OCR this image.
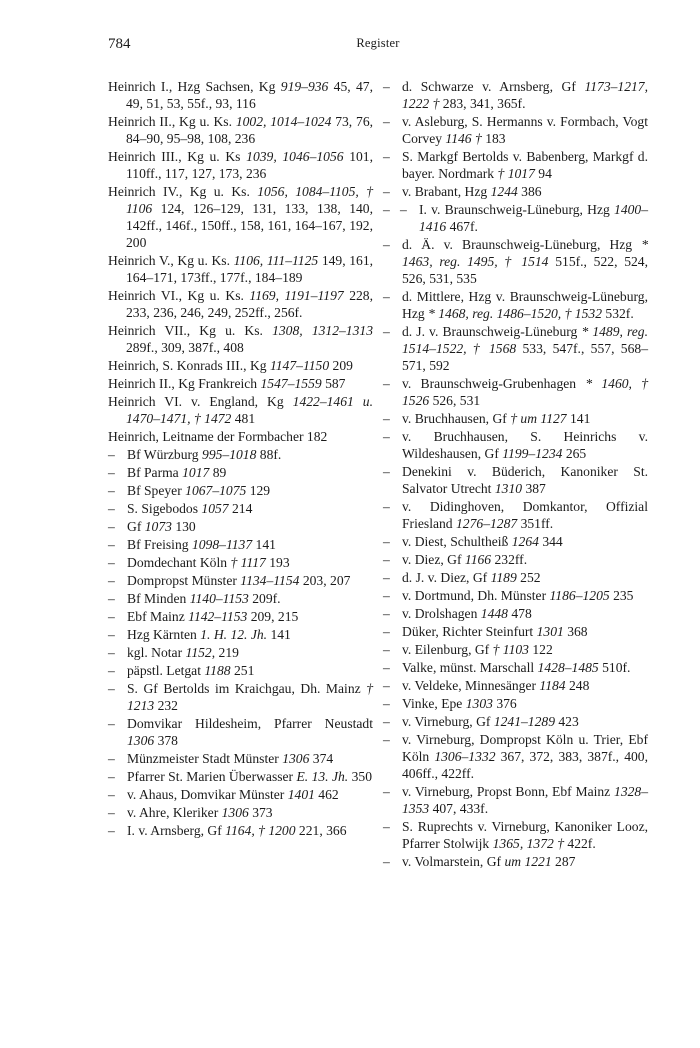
784	Register
Heinrich I., Hzg Sachsen, Kg 919–936 45, 47, 49, 51, 53, 55f., 93, 116
Heinrich II., Kg u. Ks. 1002, 1014–1024 73, 76, 84–90, 95–98, 108, 236
Heinrich III., Kg u. Ks 1039, 1046–1056 101, 110ff., 117, 127, 173, 236
Heinrich IV., Kg u. Ks. 1056, 1084–1105, † 1106 124, 126–129, 131, 133, 138, 140, 142ff., 146f., 150ff., 158, 161, 164–167, 192, 200
Heinrich V., Kg u. Ks. 1106, 111–1125 149, 161, 164–171, 173ff., 177f., 184–189
Heinrich VI., Kg u. Ks. 1169, 1191–1197 228, 233, 236, 246, 249, 252ff., 256f.
Heinrich VII., Kg u. Ks. 1308, 1312–1313 289f., 309, 387f., 408
Heinrich, S. Konrads III., Kg 1147–1150 209
Heinrich II., Kg Frankreich 1547–1559 587
Heinrich VI. v. England, Kg 1422–1461 u. 1470–1471, † 1472 481
Heinrich, Leitname der Formbacher 182
– Bf Würzburg 995–1018 88f.
– Bf Parma 1017 89
– Bf Speyer 1067–1075 129
– S. Sigebodos 1057 214
– Gf 1073 130
– Bf Freising 1098–1137 141
– Domdechant Köln † 1117 193
– Dompropst Münster 1134–1154 203, 207
– Bf Minden 1140–1153 209f.
– Ebf Mainz 1142–1153 209, 215
– Hzg Kärnten 1. H. 12. Jh. 141
– kgl. Notar 1152, 219
– päpstl. Letgat 1188 251
– S. Gf Bertolds im Kraichgau, Dh. Mainz † 1213 232
– Domvikar Hildesheim, Pfarrer Neustadt 1306 378
– Münzmeister Stadt Münster 1306 374
– Pfarrer St. Marien Überwasser E. 13. Jh. 350
– v. Ahaus, Domvikar Münster 1401 462
– v. Ahre, Kleriker 1306 373
– I. v. Arnsberg, Gf 1164, † 1200 221, 366
– d. Schwarze v. Arnsberg, Gf 1173–1217, 1222 † 283, 341, 365f.
– v. Asleburg, S. Hermanns v. Formbach, Vogt Corvey 1146 † 183
– S. Markgf Bertolds v. Babenberg, Markgf d. bayer. Nordmark † 1017 94
– v. Brabant, Hzg 1244 386
– – I. v. Braunschweig-Lüneburg, Hzg 1400–1416 467f.
– d. Ä. v. Braunschweig-Lüneburg, Hzg * 1463, reg. 1495, † 1514 515f., 522, 524, 526, 531, 535
– d. Mittlere, Hzg v. Braunschweig-Lüneburg, Hzg * 1468, reg. 1486–1520, † 1532 532f.
– d. J. v. Braunschweig-Lüneburg * 1489, reg. 1514–1522, † 1568 533, 547f., 557, 568–571, 592
– v. Braunschweig-Grubenhagen * 1460, † 1526 526, 531
– v. Bruchhausen, Gf † um 1127 141
– v. Bruchhausen, S. Heinrichs v. Wildeshausen, Gf 1199–1234 265
– Denekini v. Büderich, Kanoniker St. Salvator Utrecht 1310 387
– v. Didinghoven, Domkantor, Offizial Friesland 1276–1287 351ff.
– v. Diest, Schultheiß 1264 344
– v. Diez, Gf 1166 232ff.
– d. J. v. Diez, Gf 1189 252
– v. Dortmund, Dh. Münster 1186–1205 235
– v. Drolshagen 1448 478
– Düker, Richter Steinfurt 1301 368
– v. Eilenburg, Gf † 1103 122
– Valke, münst. Marschall 1428–1485 510f.
– v. Veldeke, Minnesänger 1184 248
– Vinke, Epe 1303 376
– v. Virneburg, Gf 1241–1289 423
– v. Virneburg, Dompropst Köln u. Trier, Ebf Köln 1306–1332 367, 372, 383, 387f., 400, 406ff., 422ff.
– v. Virneburg, Propst Bonn, Ebf Mainz 1328–1353 407, 433f.
– S. Ruprechts v. Virneburg, Kanoniker Looz, Pfarrer Stolwijk 1365, 1372 † 422f.
– v. Volmarstein, Gf um 1221 287
